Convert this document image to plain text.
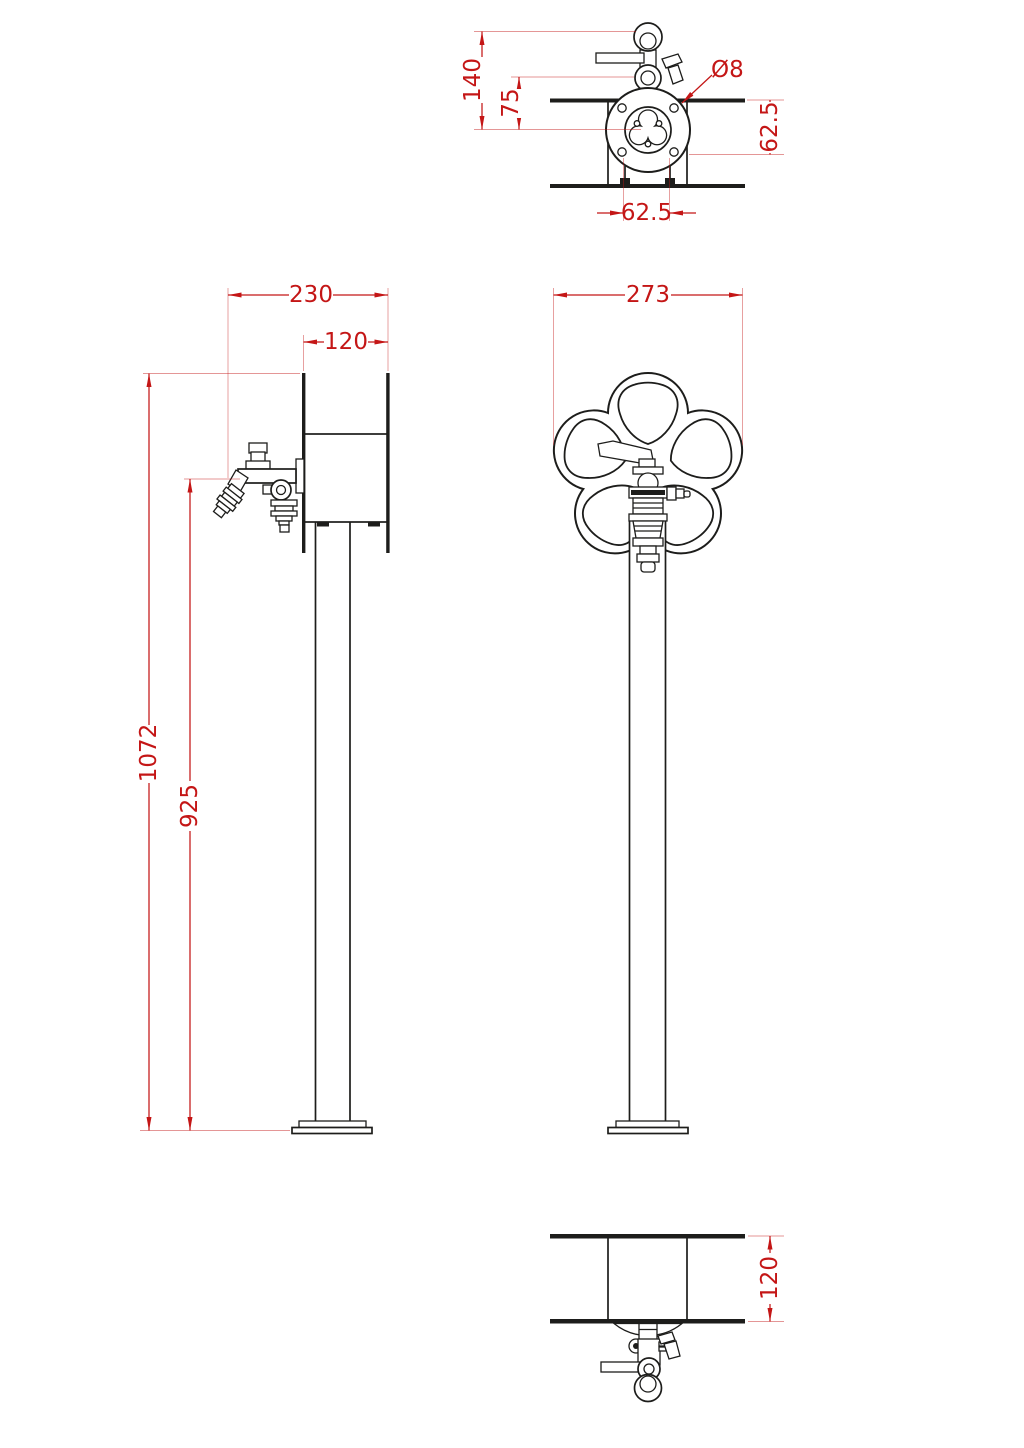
140
75
Ø8
62.5
62.5
230
120
1072
925
273
120
